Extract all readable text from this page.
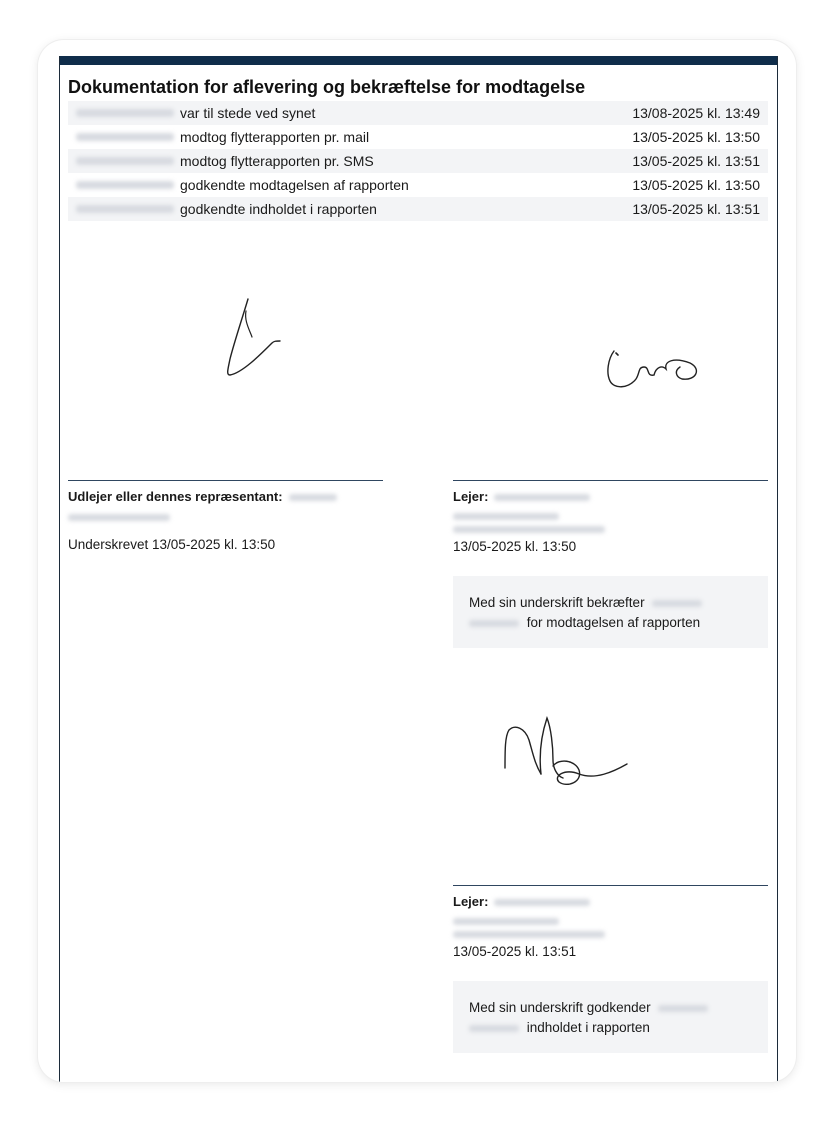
Dokumentation for aflevering og bekræftelse for modtagelse
var til stede ved synet	13/08-2025 kl. 13:49
modtog flytterapporten pr. mail	13/05-2025 kl. 13:50
modtog flytterapporten pr. SMS	13/05-2025 kl. 13:51
godkendte modtagelsen af rapporten	13/05-2025 kl. 13:50
godkendte indholdet i rapporten	13/05-2025 kl. 13:51
Udlejer eller dennes repræsentant:
Underskrevet 13/05-2025 kl. 13:50
Lejer:
13/05-2025 kl. 13:50
Med sin underskrift bekræfter
for modtagelsen af rapporten
Lejer:
13/05-2025 kl. 13:51
Med sin underskrift godkender
indholdet i rapporten
